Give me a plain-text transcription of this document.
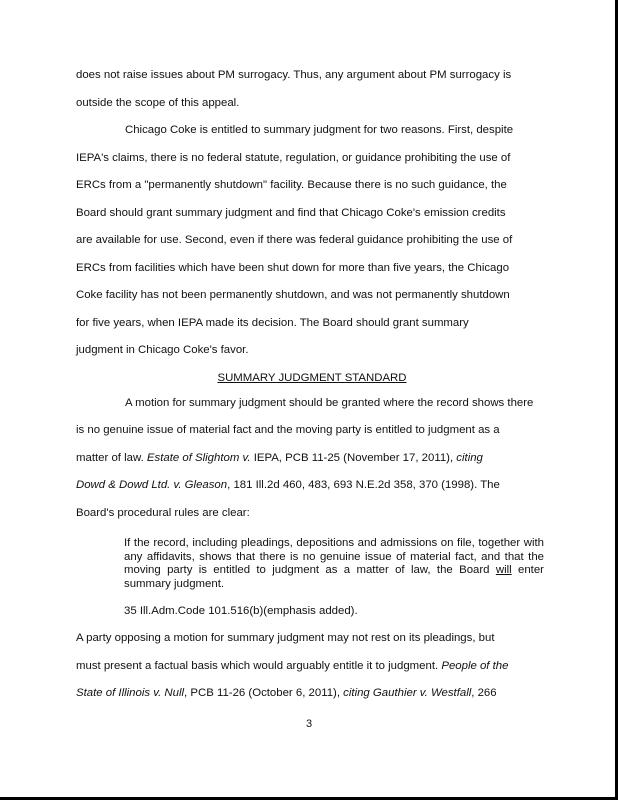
does not raise issues about PM surrogacy. Thus, any argument about PM surrogacy is
outside the scope of this appeal.
Chicago Coke is entitled to summary judgment for two reasons. First, despite
IEPA's claims, there is no federal statute, regulation, or guidance prohibiting the use of
ERCs from a "permanently shutdown" facility. Because there is no such guidance, the
Board should grant summary judgment and find that Chicago Coke's emission credits
are available for use. Second, even if there was federal guidance prohibiting the use of
ERCs from facilities which have been shut down for more than five years, the Chicago
Coke facility has not been permanently shutdown, and was not permanently shutdown
for five years, when IEPA made its decision. The Board should grant summary
judgment in Chicago Coke's favor.
SUMMARY JUDGMENT STANDARD
A motion for summary judgment should be granted where the record shows there
is no genuine issue of material fact and the moving party is entitled to judgment as a
matter of law. Estate of Slightom v. IEPA, PCB 11-25 (November 17, 2011), citing
Dowd & Dowd Ltd. v. Gleason, 181 Ill.2d 460, 483, 693 N.E.2d 358, 370 (1998). The
Board's procedural rules are clear:
If the record, including pleadings, depositions and admissions on file, together with any affidavits, shows that there is no genuine issue of material fact, and that the moving party is entitled to judgment as a matter of law, the Board will enter summary judgment.
35 Ill.Adm.Code 101.516(b)(emphasis added).
A party opposing a motion for summary judgment may not rest on its pleadings, but
must present a factual basis which would arguably entitle it to judgment. People of the
State of Illinois v. Null, PCB 11-26 (October 6, 2011), citing Gauthier v. Westfall, 266
3
